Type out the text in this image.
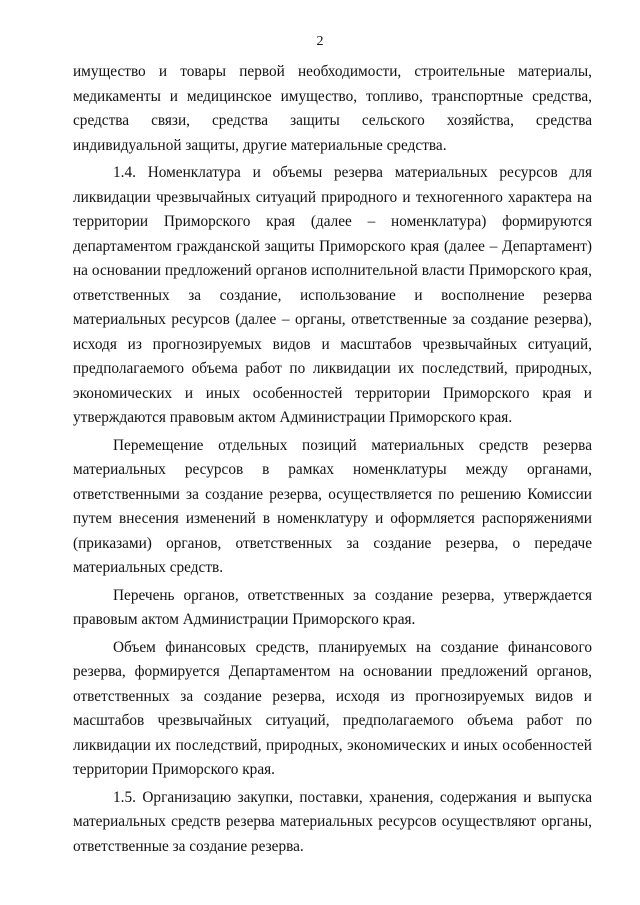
2

имущество и товары первой необходимости, строительные материалы, медикаменты и медицинское имущество, топливо, транспортные средства, средства связи, средства защиты сельского хозяйства, средства индивидуальной защиты, другие материальные средства.

1.4. Номенклатура и объемы резерва материальных ресурсов для ликвидации чрезвычайных ситуаций природного и техногенного характера на территории Приморского края (далее – номенклатура) формируются департаментом гражданской защиты Приморского края (далее – Департамент) на основании предложений органов исполнительной власти Приморского края, ответственных за создание, использование и восполнение резерва материальных ресурсов (далее – органы, ответственные за создание резерва), исходя из прогнозируемых видов и масштабов чрезвычайных ситуаций, предполагаемого объема работ по ликвидации их последствий, природных, экономических и иных особенностей территории Приморского края и утверждаются правовым актом Администрации Приморского края.

Перемещение отдельных позиций материальных средств резерва материальных ресурсов в рамках номенклатуры между органами, ответственными за создание резерва, осуществляется по решению Комиссии путем внесения изменений в номенклатуру и оформляется распоряжениями (приказами) органов, ответственных за создание резерва, о передаче материальных средств.

Перечень органов, ответственных за создание резерва, утверждается правовым актом Администрации Приморского края.

Объем финансовых средств, планируемых на создание финансового резерва, формируется Департаментом на основании предложений органов, ответственных за создание резерва, исходя из прогнозируемых видов и масштабов чрезвычайных ситуаций, предполагаемого объема работ по ликвидации их последствий, природных, экономических и иных особенностей территории Приморского края.

1.5. Организацию закупки, поставки, хранения, содержания и выпуска материальных средств резерва материальных ресурсов осуществляют органы, ответственные за создание резерва.
